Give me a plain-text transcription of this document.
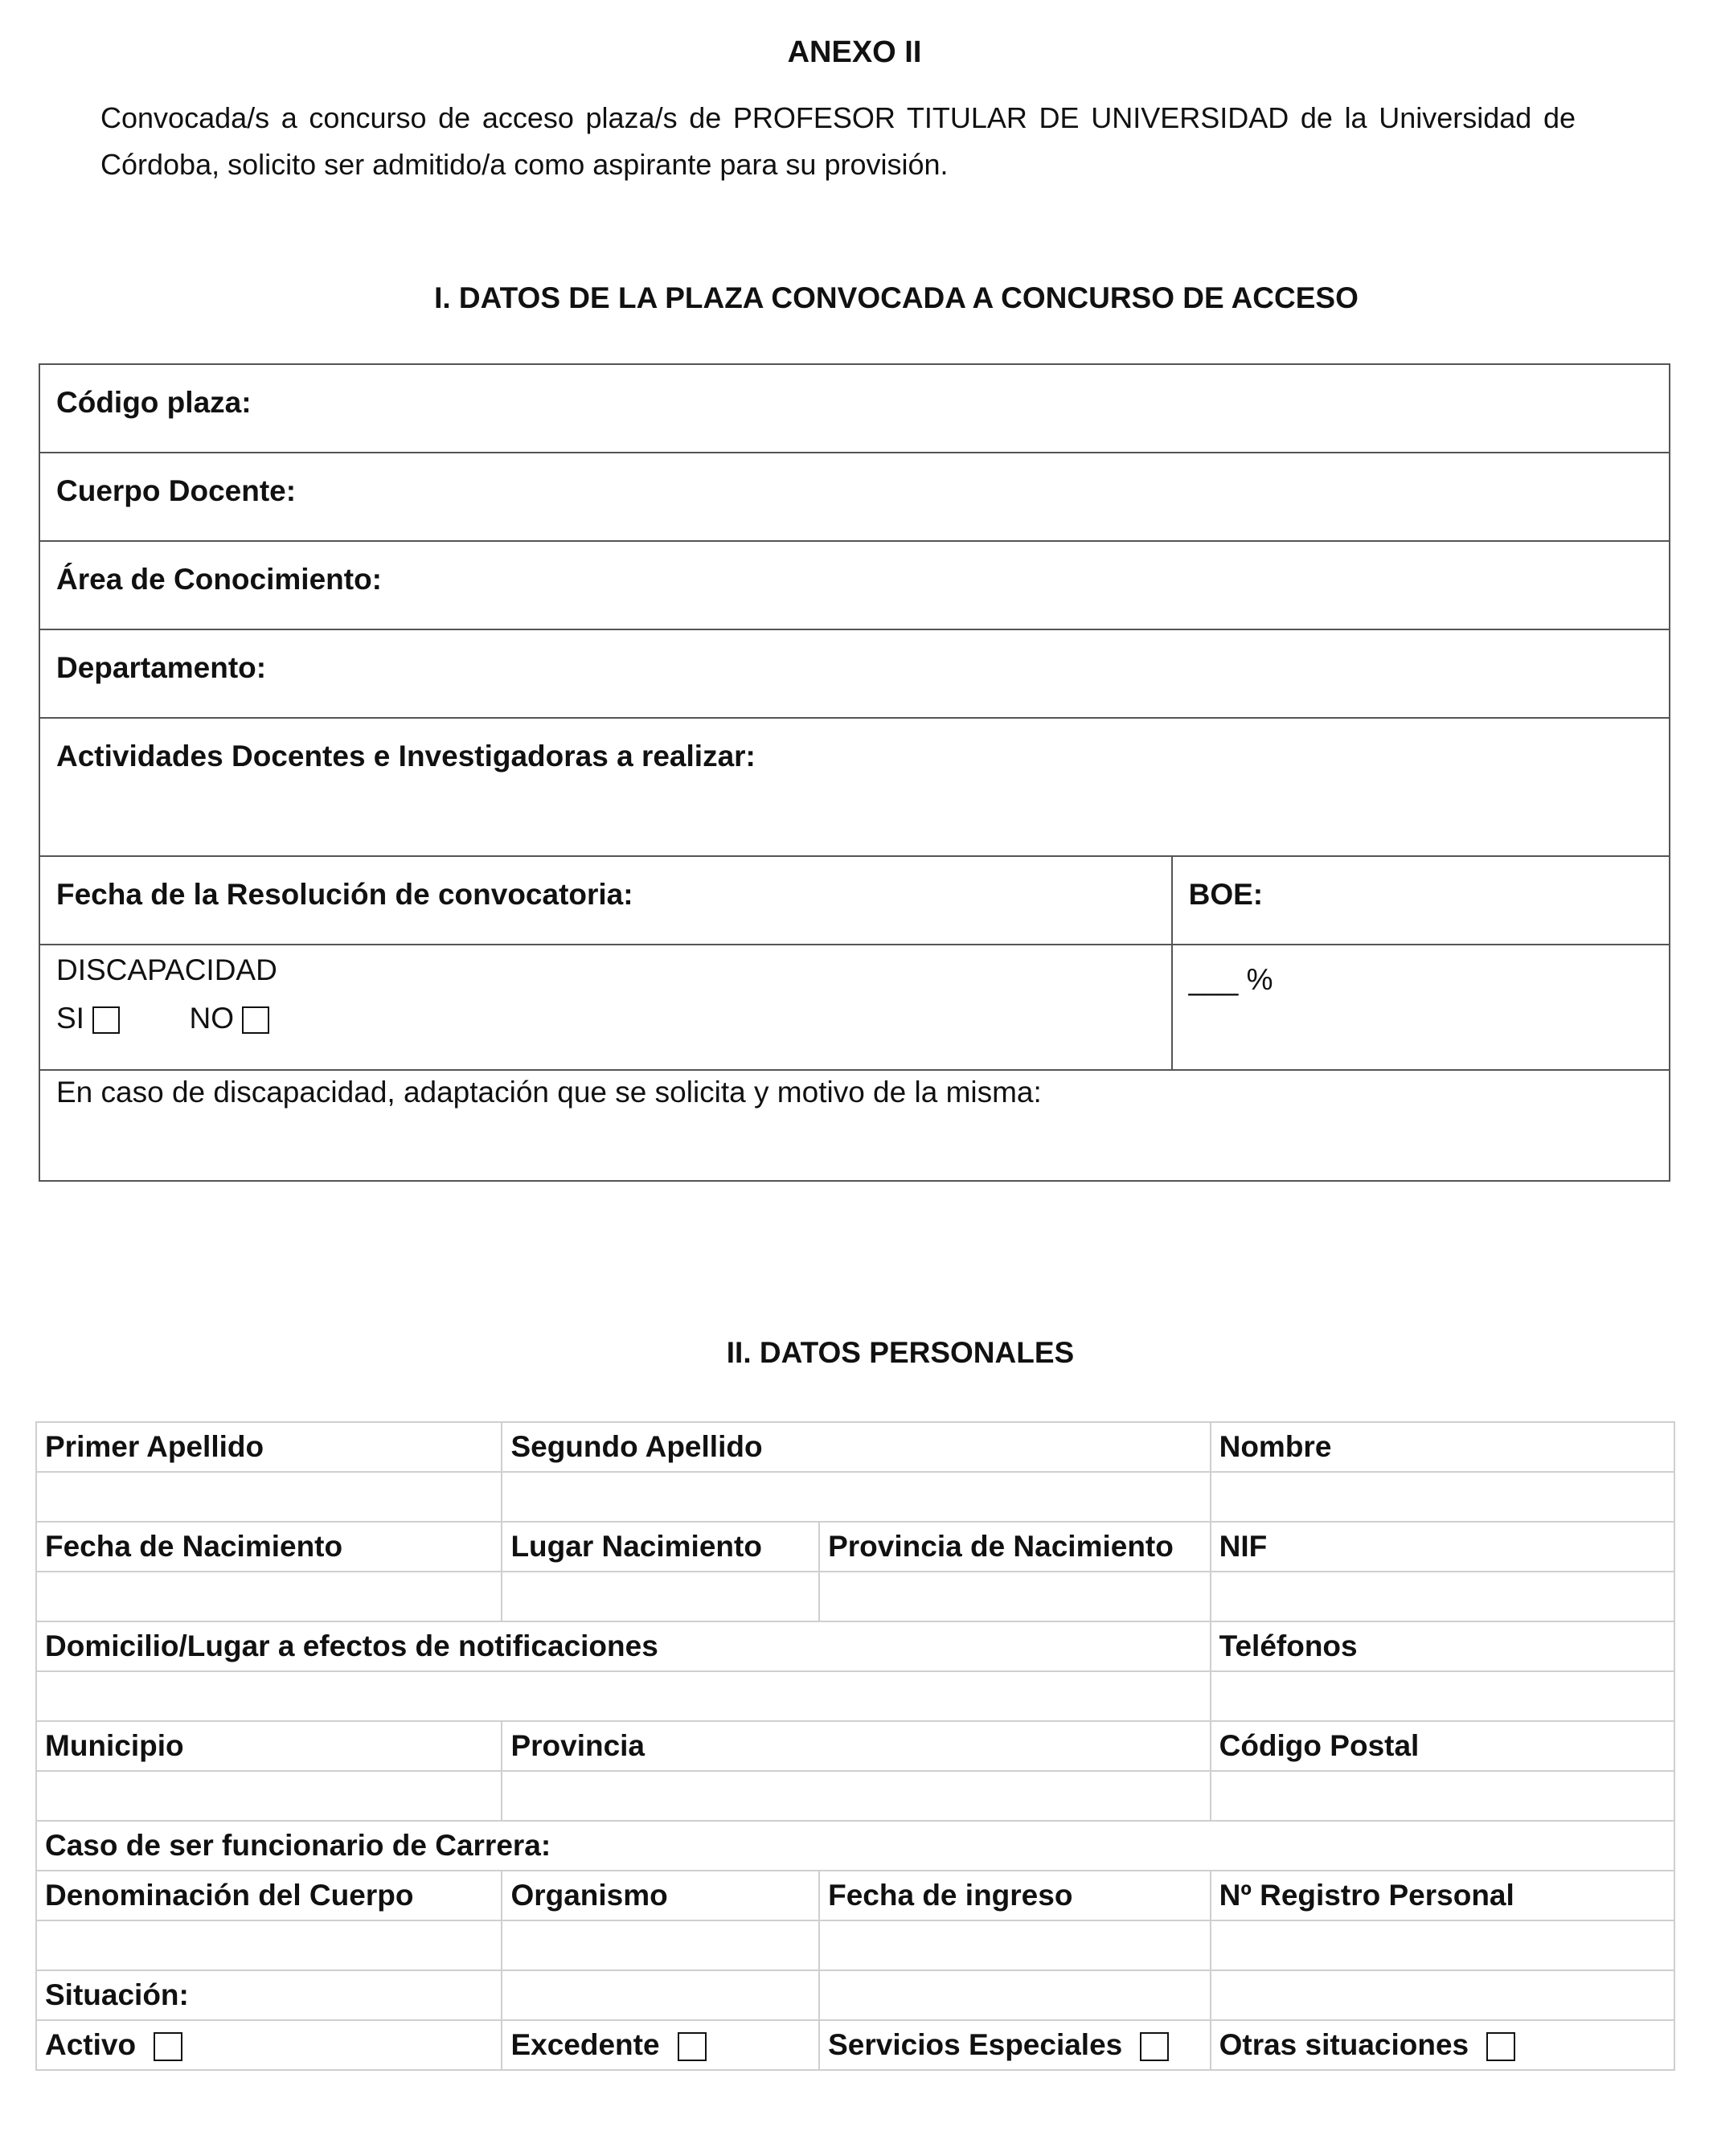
ANEXO II
Convocada/s a concurso de acceso plaza/s de PROFESOR TITULAR DE UNIVERSIDAD de la Universidad de Córdoba, solicito ser admitido/a como aspirante para su provisión.
I. DATOS DE LA PLAZA CONVOCADA A CONCURSO DE ACCESO
Código plaza:	
Cuerpo Docente:	
Área de Conocimiento:	
Departamento:	
Actividades Docentes e Investigadoras a realizar:	
Fecha de la Resolución de convocatoria:	BOE:

DISCAPACIDAD
SI NO	___ %
En caso de discapacidad, adaptación que se solicita y motivo de la misma:	
II. DATOS PERSONALES
Primer Apellido	Segundo Apellido		Nombre

Fecha de Nacimiento	Lugar Nacimiento	Provincia de Nacimiento	NIF

Domicilio/Lugar a efectos de notificaciones			Teléfonos

Municipio	Provincia		Código Postal

Caso de ser funcionario de Carrera:			
Denominación del Cuerpo	Organismo	Fecha de ingreso	Nº Registro Personal

Situación:			
Activo	Excedente	Servicios Especiales	Otras situaciones
